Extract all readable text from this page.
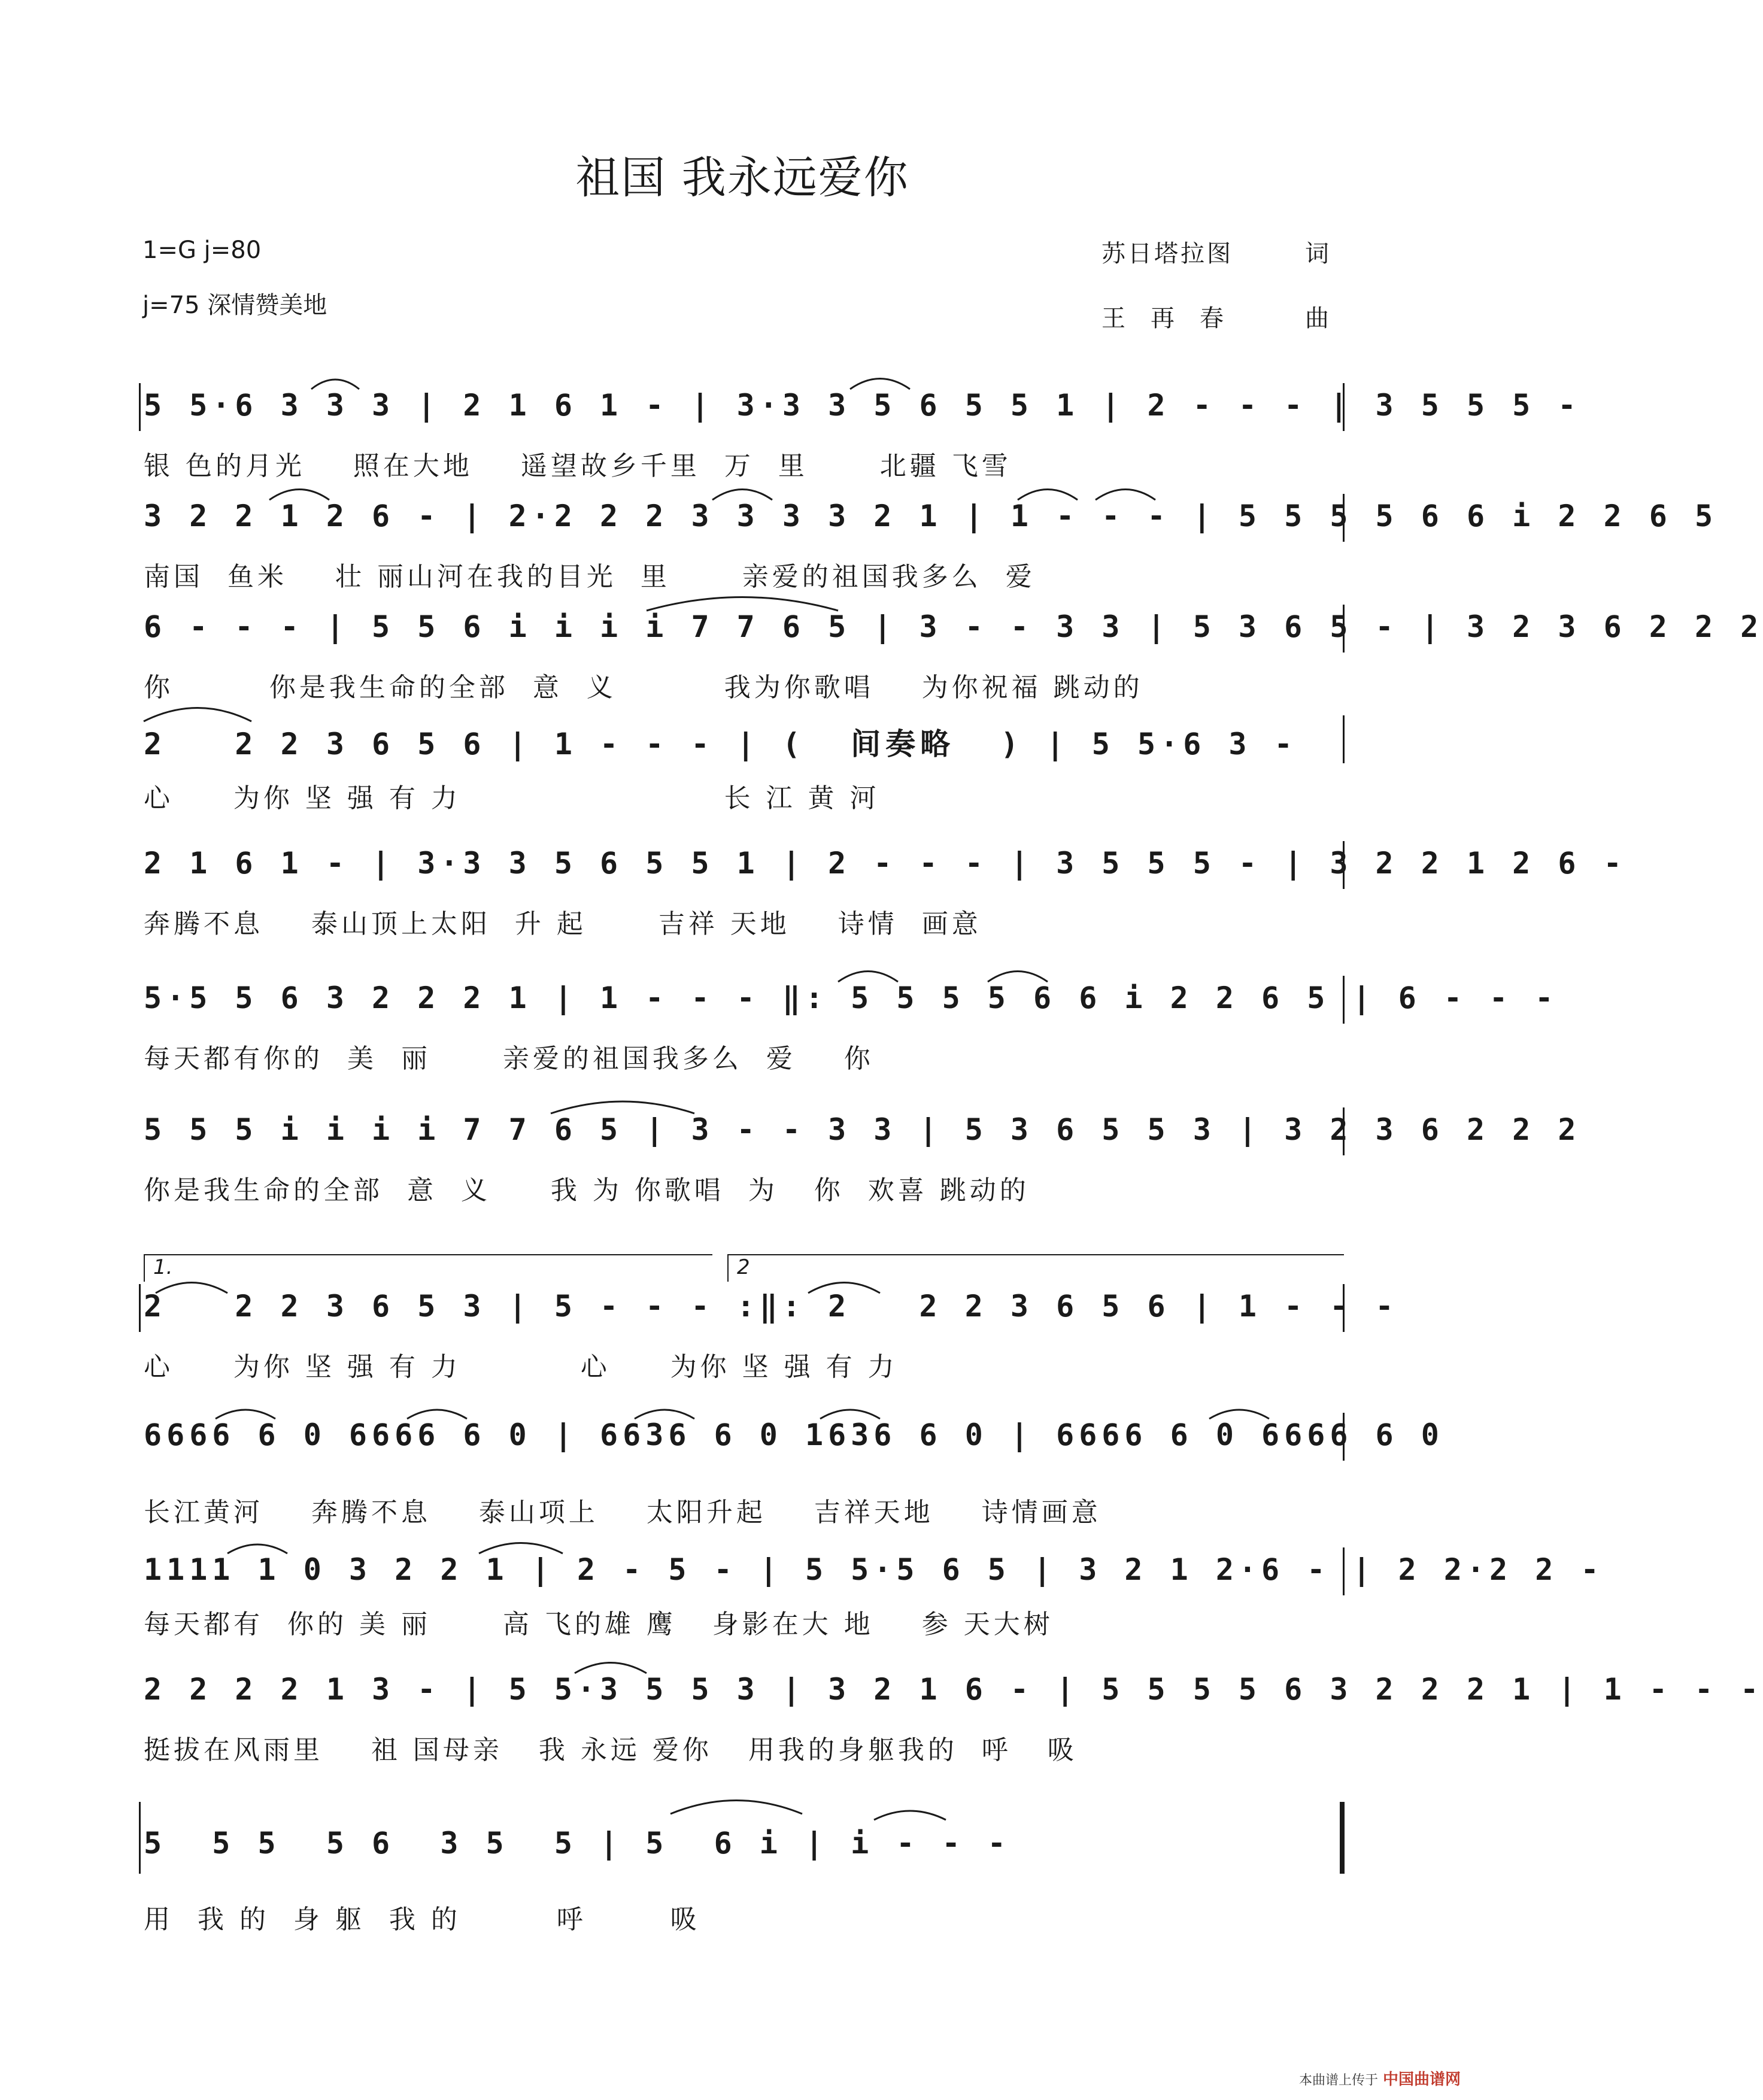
祖国 我永远爱你
1=G j=80
j=75 深情赞美地
苏日塔拉图	词
王再春 曲
5 5·6 3 3 3 | 2 1 6 1 - | 3·3 3 5 6 5 5 1 | 2 - - - | 3 5 5 5 -
银 色的月光    照在大地    遥望故乡千里  万  里      北疆 飞雪
3 2 2 1 2 6 - | 2·2 2 2 3 3 3 3 2 1 | 1 - - - | 5 5 5 5 6 6 i 2 2 6 5
南国  鱼米    壮 丽山河在我的目光  里      亲爱的祖国我多么  爱
6 - - - | 5 5 6 i i i i 7 7 6 5 | 3 - - 3 3 | 5 3 6 5 - | 3 2 3 6 2 2 2
你        你是我生命的全部  意  义         我为你歌唱    为你祝福 跳动的
2   2 2 3 6 5 6 | 1 - - - | (  间奏略  ) | 5 5·6 3 -
心     为你 坚 强 有 力                      长 江 黄 河
2 1 6 1 - | 3·3 3 5 6 5 5 1 | 2 - - - | 3 5 5 5 - | 3 2 2 1 2 6 -
奔腾不息    泰山顶上太阳  升 起      吉祥 天地    诗情  画意
5·5 5 6 3 2 2 2 1 | 1 - - - ‖: 5 5 5 5 6 6 i 2 2 6 5 | 6 - - -
每天都有你的  美  丽      亲爱的祖国我多么  爱    你
5 5 5 i i i i 7 7 6 5 | 3 - - 3 3 | 5 3 6 5 5 3 | 3 2 3 6 2 2 2
你是我生命的全部  意  义     我 为 你歌唱  为   你  欢喜 跳动的
1.	2
2   2 2 3 6 5 3 | 5 - - - :‖: 2   2 2 3 6 5 6 | 1 - - -
心     为你 坚 强 有 力          心     为你 坚 强 有 力
6666 6 0 6666 6 0 | 6636 6 0 1636 6 0 | 6666 6 0 6666 6 0
长江黄河    奔腾不息    泰山项上    太阳升起    吉祥天地    诗情画意
1111 1 0 3 2 2 1 | 2 - 5 - | 5 5·5 6 5 | 3 2 1 2·6 - | 2 2·2 2 -
每天都有  你的 美 丽      高 飞的雄 鹰   身影在大 地    参 天大树
2 2 2 2 1 3 - | 5 5·3 5 5 3 | 3 2 1 6 - | 5 5 5 5 6 3 2 2 2 1 | 1 - - -
挺拔在风雨里    祖 国母亲   我 永远 爱你   用我的身躯我的  呼   吸
5  5 5  5 6  3 5  5 | 5  6 i | i - - -
用  我 的  身 躯  我 的        呼       吸
本曲谱上传于 中国曲谱网
